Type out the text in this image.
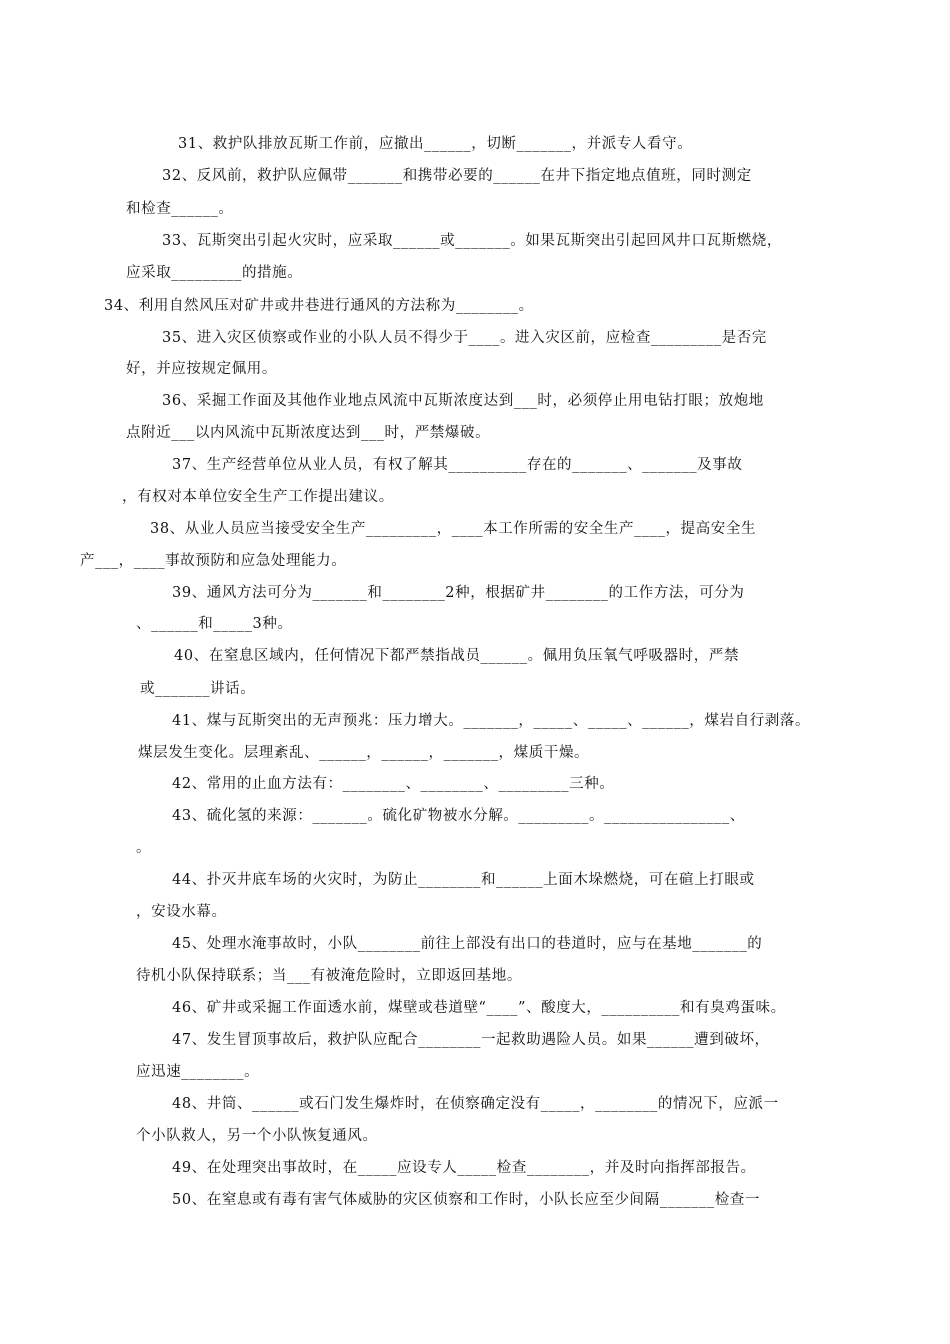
31、救护队排放瓦斯工作前，应撤出______，切断_______，并派专人看守。
32、反风前，救护队应佩带_______和携带必要的______在井下指定地点值班，同时测定
和检查______。
33、瓦斯突出引起火灾时，应采取______或_______。如果瓦斯突出引起回风井口瓦斯燃烧，
应采取_________的措施。
34、利用自然风压对矿井或井巷进行通风的方法称为________。
35、进入灾区侦察或作业的小队人员不得少于____。进入灾区前，应检查_________是否完
好，并应按规定佩用。
36、采掘工作面及其他作业地点风流中瓦斯浓度达到___时，必须停止用电钻打眼；放炮地
点附近___以内风流中瓦斯浓度达到___时，严禁爆破。
37、生产经营单位从业人员，有权了解其__________存在的_______、_______及事故
，有权对本单位安全生产工作提出建议。
38、从业人员应当接受安全生产_________，____本工作所需的安全生产____，提高安全生
产___，____事故预防和应急处理能力。
39、通风方法可分为_______和________2种，根据矿井________的工作方法，可分为
、______和_____3种。
40、在窒息区域内，任何情况下都严禁指战员______。佩用负压氧气呼吸器时，严禁
或_______讲话。
41、煤与瓦斯突出的无声预兆：压力增大。_______，_____、_____、______，煤岩自行剥落。
煤层发生变化。层理紊乱、______，______，_______，煤质干燥。
42、常用的止血方法有：________、________、_________三种。
43、硫化氢的来源：_______。硫化矿物被水分解。_________。________________、
。
44、扑灭井底车场的火灾时，为防止________和______上面木垛燃烧，可在碹上打眼或
，安设水幕。
45、处理水淹事故时，小队________前往上部没有出口的巷道时，应与在基地_______的
待机小队保持联系；当___有被淹危险时，立即返回基地。
46、矿井或采掘工作面透水前，煤壁或巷道壁“____”、酸度大，__________和有臭鸡蛋味。
47、发生冒顶事故后，救护队应配合________一起救助遇险人员。如果______遭到破坏，
应迅速________。
48、井筒、______或石门发生爆炸时，在侦察确定没有_____，________的情况下，应派一
个小队救人，另一个小队恢复通风。
49、在处理突出事故时，在_____应设专人_____检查________，并及时向指挥部报告。
50、在窒息或有毒有害气体威胁的灾区侦察和工作时，小队长应至少间隔_______检查一
